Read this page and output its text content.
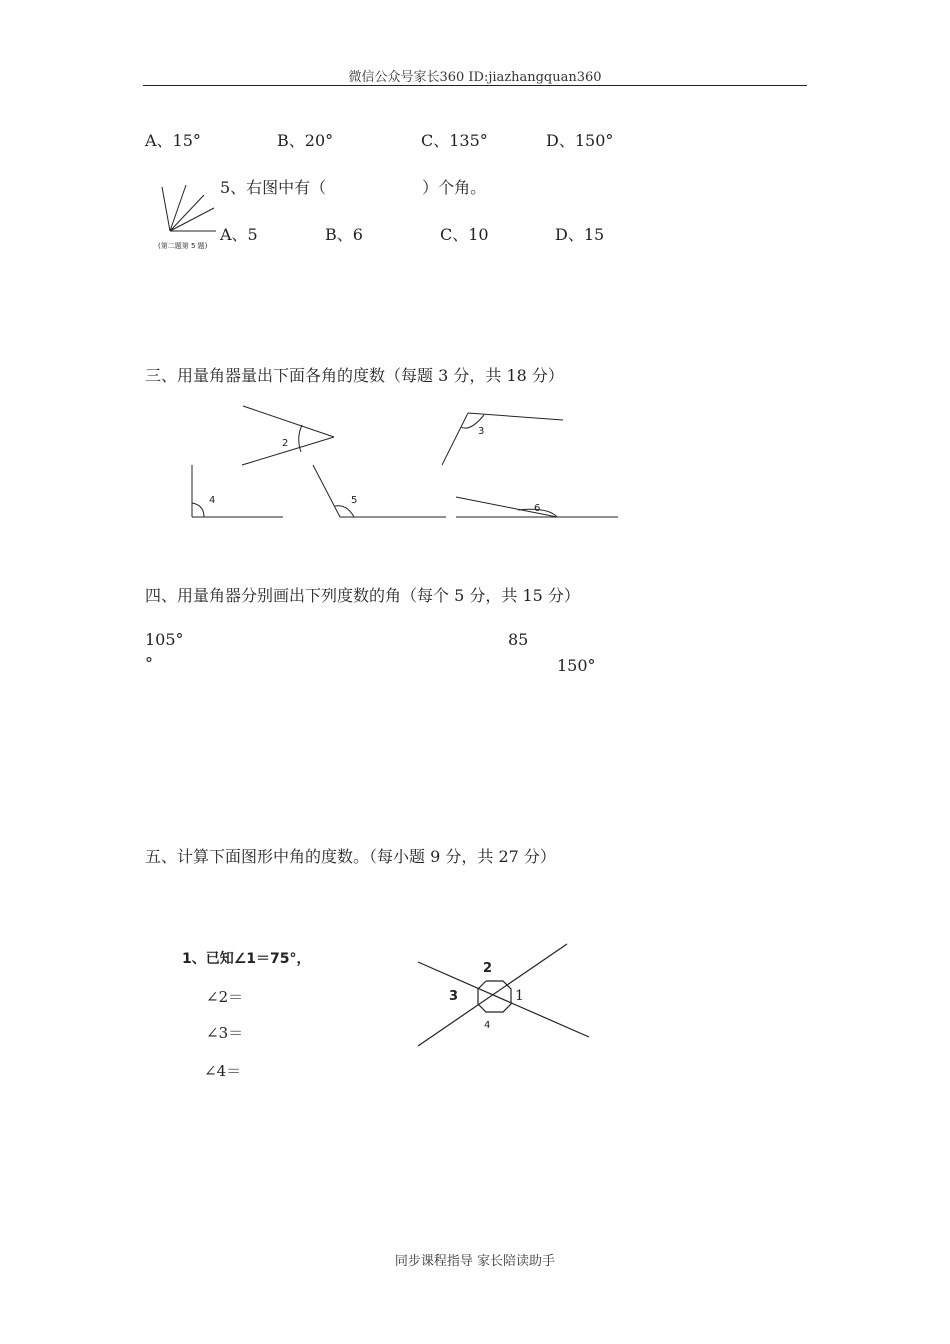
微信公众号家长360 ID:jiazhangquan360
A、15°	B、20°	C、135°	D、150°
5、右图中有（　　　　　　）个角。
(第二题第 5 题)
A、5	B、6	C、10	D、15
三、用量角器量出下面各角的度数（每题 3 分，共 18 分）
2
3
4	5
6
四、用量角器分别画出下列度数的角（每个 5 分，共 15 分）
105°	85
°	150°
五、计算下面图形中角的度数。（每小题 9 分，共 27 分）
1、已知∠1＝75°，
∠2＝
∠3＝
∠4＝
2
3	1
4
同步课程指导 家长陪读助手
